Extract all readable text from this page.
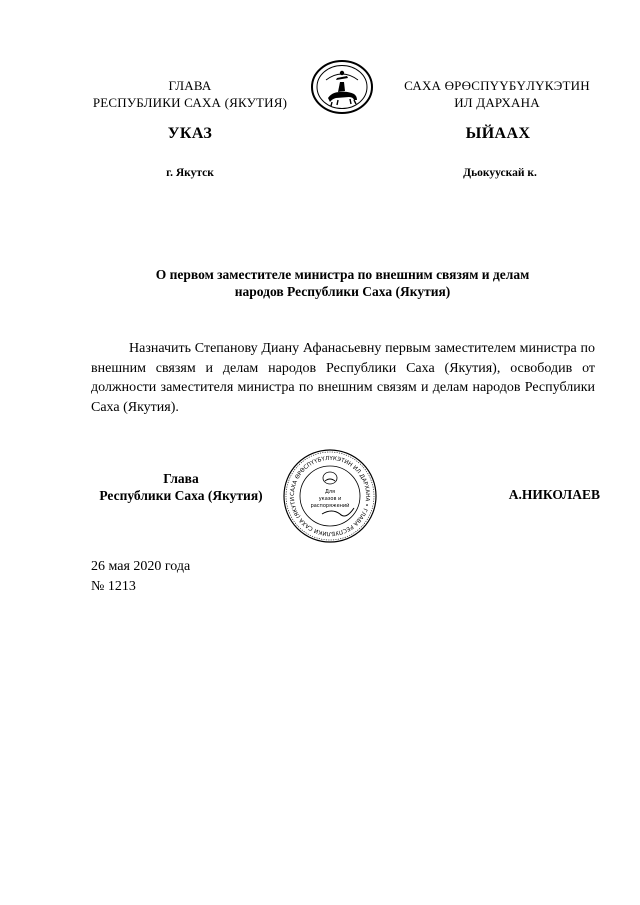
ГЛАВА
РЕСПУБЛИКИ САХА (ЯКУТИЯ)
САХА ӨРӨСПҮҮБҮЛҮКЭТИН
ИЛ ДАРХАНА
УКАЗ	ЫЙААХ
г. Якутск	Дьокуускай к.
О первом заместителе министра по внешним связям и делам
народов Республики Саха (Якутия)
Назначить Степанову Диану Афанасьевну первым заместителем министра по внешним связям и делам народов Республики Саха (Якутия), освободив от должности заместителя министра по внешним связям и делам народов Республики Саха (Якутия).
Глава
Республики Саха (Якутия)	САХА ӨРӨСПҮҮБҮЛҮКЭТИН ИЛ ДАРХАНА • ГЛАВА РЕСПУБЛИКИ САХА (ЯКУТИ
Для
указов и
распоряжений
А.НИКОЛАЕВ
26 мая 2020 года
№ 1213
